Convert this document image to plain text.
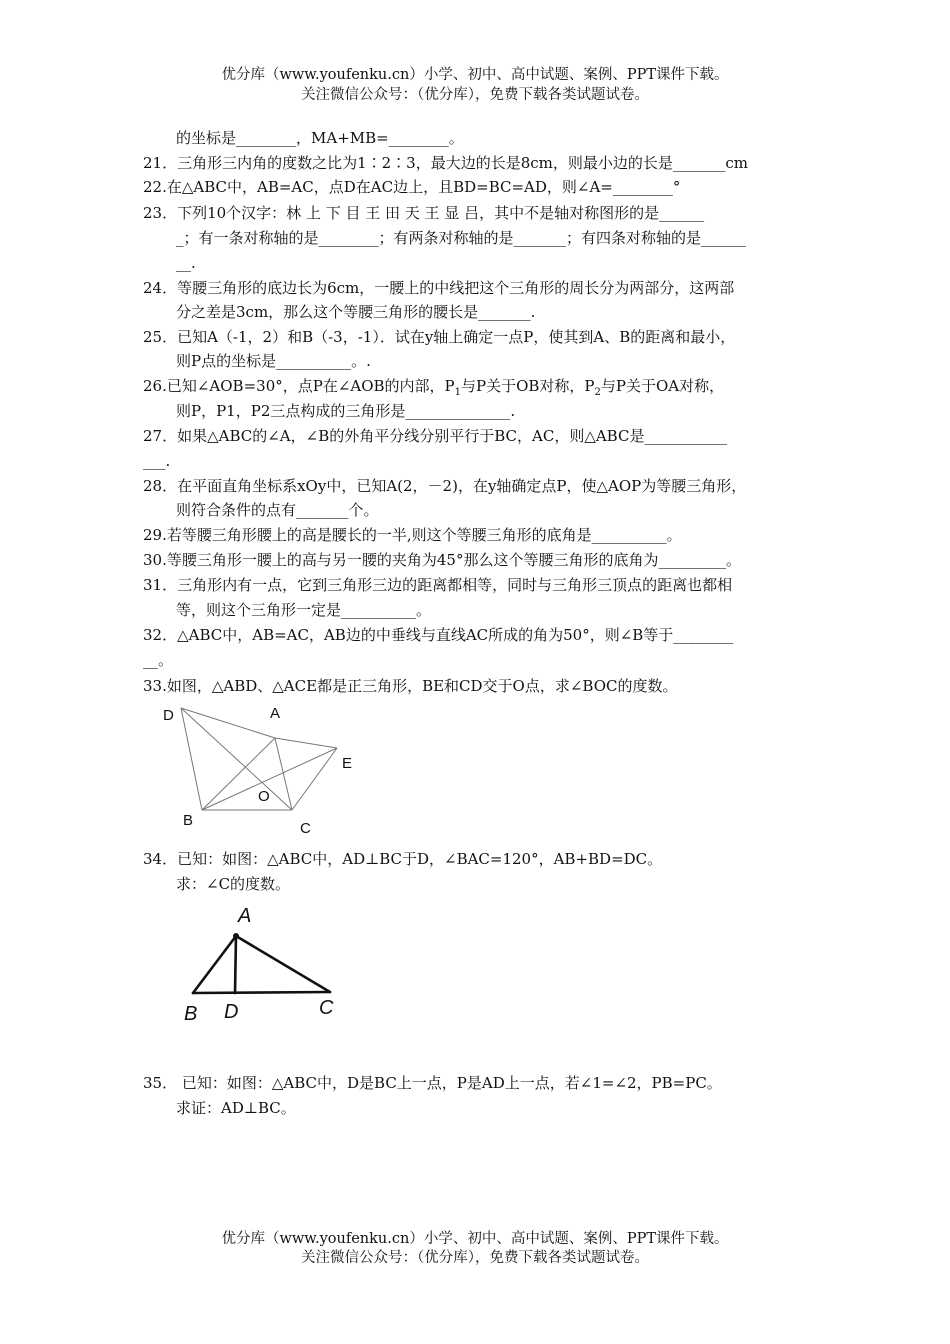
优分库（www.youfenku.cn）小学、初中、高中试题、案例、PPT课件下载。
关注微信公众号：（优分库），免费下载各类试题试卷。
的坐标是________，MA+MB=________。
21．三角形三内角的度数之比为1∶2∶3，最大边的长是8cm，则最小边的长是_______cm
22.在△ABC中，AB=AC，点D在AC边上，且BD=BC=AD，则∠A=________°
23．下列10个汉字：林 上 下 目 王 田 天 王 显 吕，其中不是轴对称图形的是______
_；有一条对称轴的是________；有两条对称轴的是_______；有四条对称轴的是______
__.
24．等腰三角形的底边长为6cm，一腰上的中线把这个三角形的周长分为两部分，这两部
分之差是3cm，那么这个等腰三角形的腰长是_______.
25．已知A（-1，2）和B（-3，-1）．试在y轴上确定一点P，使其到A、B的距离和最小，
则P点的坐标是__________。.
26.已知∠AOB=30°，点P在∠AOB的内部，$P_1$与P关于OB对称，$P_2$与P关于OA对称，
则P，P1，P2三点构成的三角形是______________.
27．如果△ABC的∠A，∠B的外角平分线分别平行于BC，AC，则△ABC是___________
___.
28．在平面直角坐标系xOy中，已知A(2，－2)，在y轴确定点P，使△AOP为等腰三角形，
则符合条件的点有_______个。
29.若等腰三角形腰上的高是腰长的一半,则这个等腰三角形的底角是__________。
30.等腰三角形一腰上的高与另一腰的夹角为45°那么这个等腰三角形的底角为_________。
31．三角形内有一点，它到三角形三边的距离都相等，同时与三角形三顶点的距离也都相
等，则这个三角形一定是__________。
32．△ABC中，AB=AC，AB边的中垂线与直线AC所成的角为50°，则∠B等于________
__。
33.如图，△ABD、△ACE都是正三角形，BE和CD交于O点，求∠BOC的度数。
D	A
E
O
B	C
34．已知：如图：△ABC中，AD⊥BC于D，∠BAC=120°，AB+BD=DC。
求：∠C的度数。
A
B D	C
35． 已知：如图：△ABC中，D是BC上一点，P是AD上一点，若∠1=∠2，PB=PC。
求证：AD⊥BC。
优分库（www.youfenku.cn）小学、初中、高中试题、案例、PPT课件下载。
关注微信公众号：（优分库），免费下载各类试题试卷。
